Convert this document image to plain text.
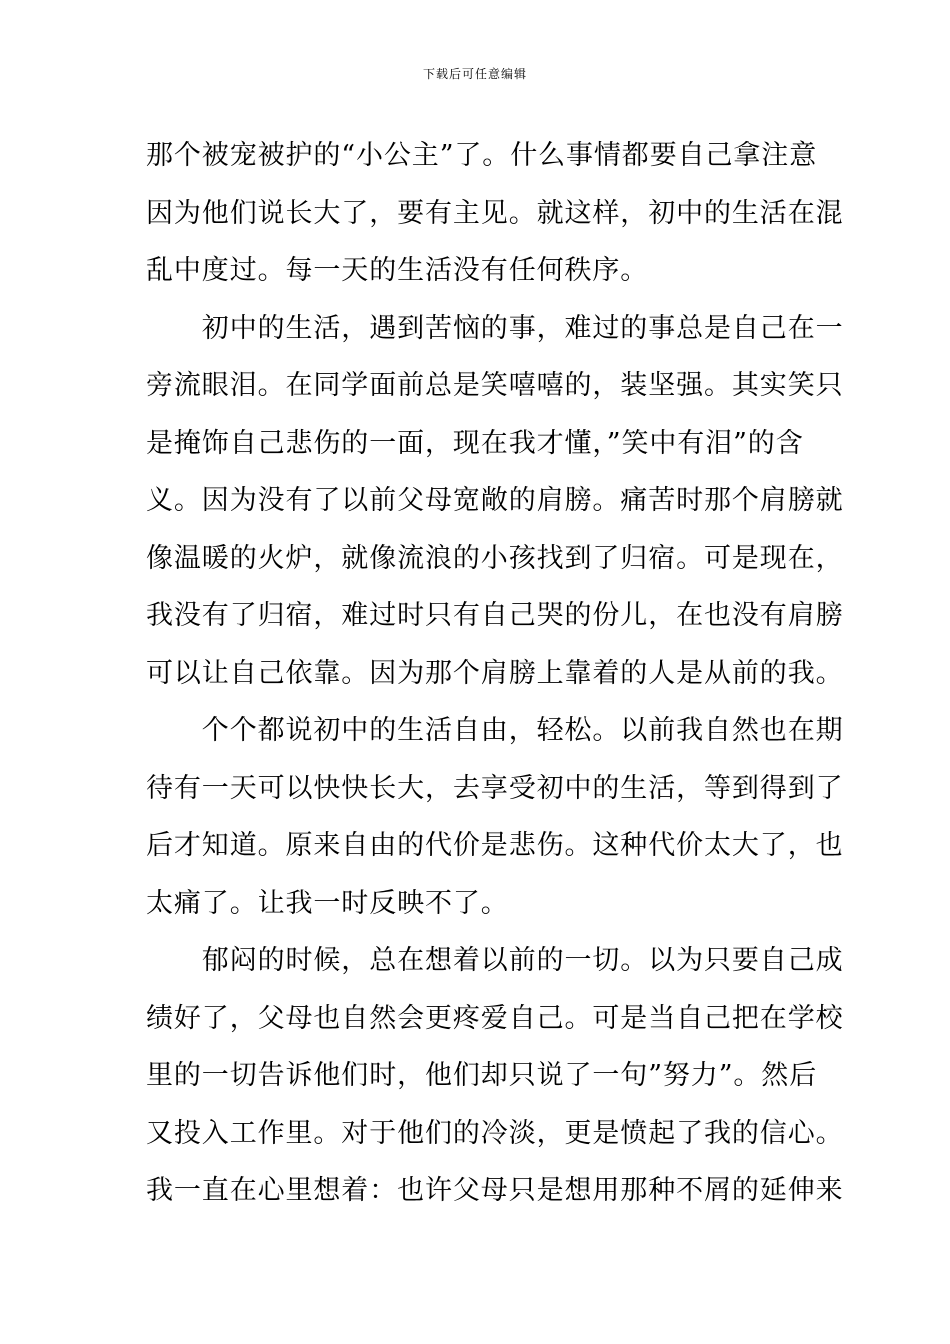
下载后可任意编辑
那个被宠被护的“小公主”了。什么事情都要自己拿注意
因为他们说长大了，要有主见。就这样，初中的生活在混
乱中度过。每一天的生活没有任何秩序。
　　初中的生活，遇到苦恼的事，难过的事总是自己在一
旁流眼泪。在同学面前总是笑嘻嘻的，装坚强。其实笑只
是掩饰自己悲伤的一面，现在我才懂，”笑中有泪”的含
义。因为没有了以前父母宽敞的肩膀。痛苦时那个肩膀就
像温暖的火炉，就像流浪的小孩找到了归宿。可是现在，
我没有了归宿，难过时只有自己哭的份儿，在也没有肩膀
可以让自己依靠。因为那个肩膀上靠着的人是从前的我。
　　个个都说初中的生活自由，轻松。以前我自然也在期
待有一天可以快快长大，去享受初中的生活，等到得到了
后才知道。原来自由的代价是悲伤。这种代价太大了，也
太痛了。让我一时反映不了。
　　郁闷的时候，总在想着以前的一切。以为只要自己成
绩好了，父母也自然会更疼爱自己。可是当自己把在学校
里的一切告诉他们时，他们却只说了一句”努力”。然后
又投入工作里。对于他们的冷淡，更是愤起了我的信心。
我一直在心里想着：也许父母只是想用那种不屑的延伸来
